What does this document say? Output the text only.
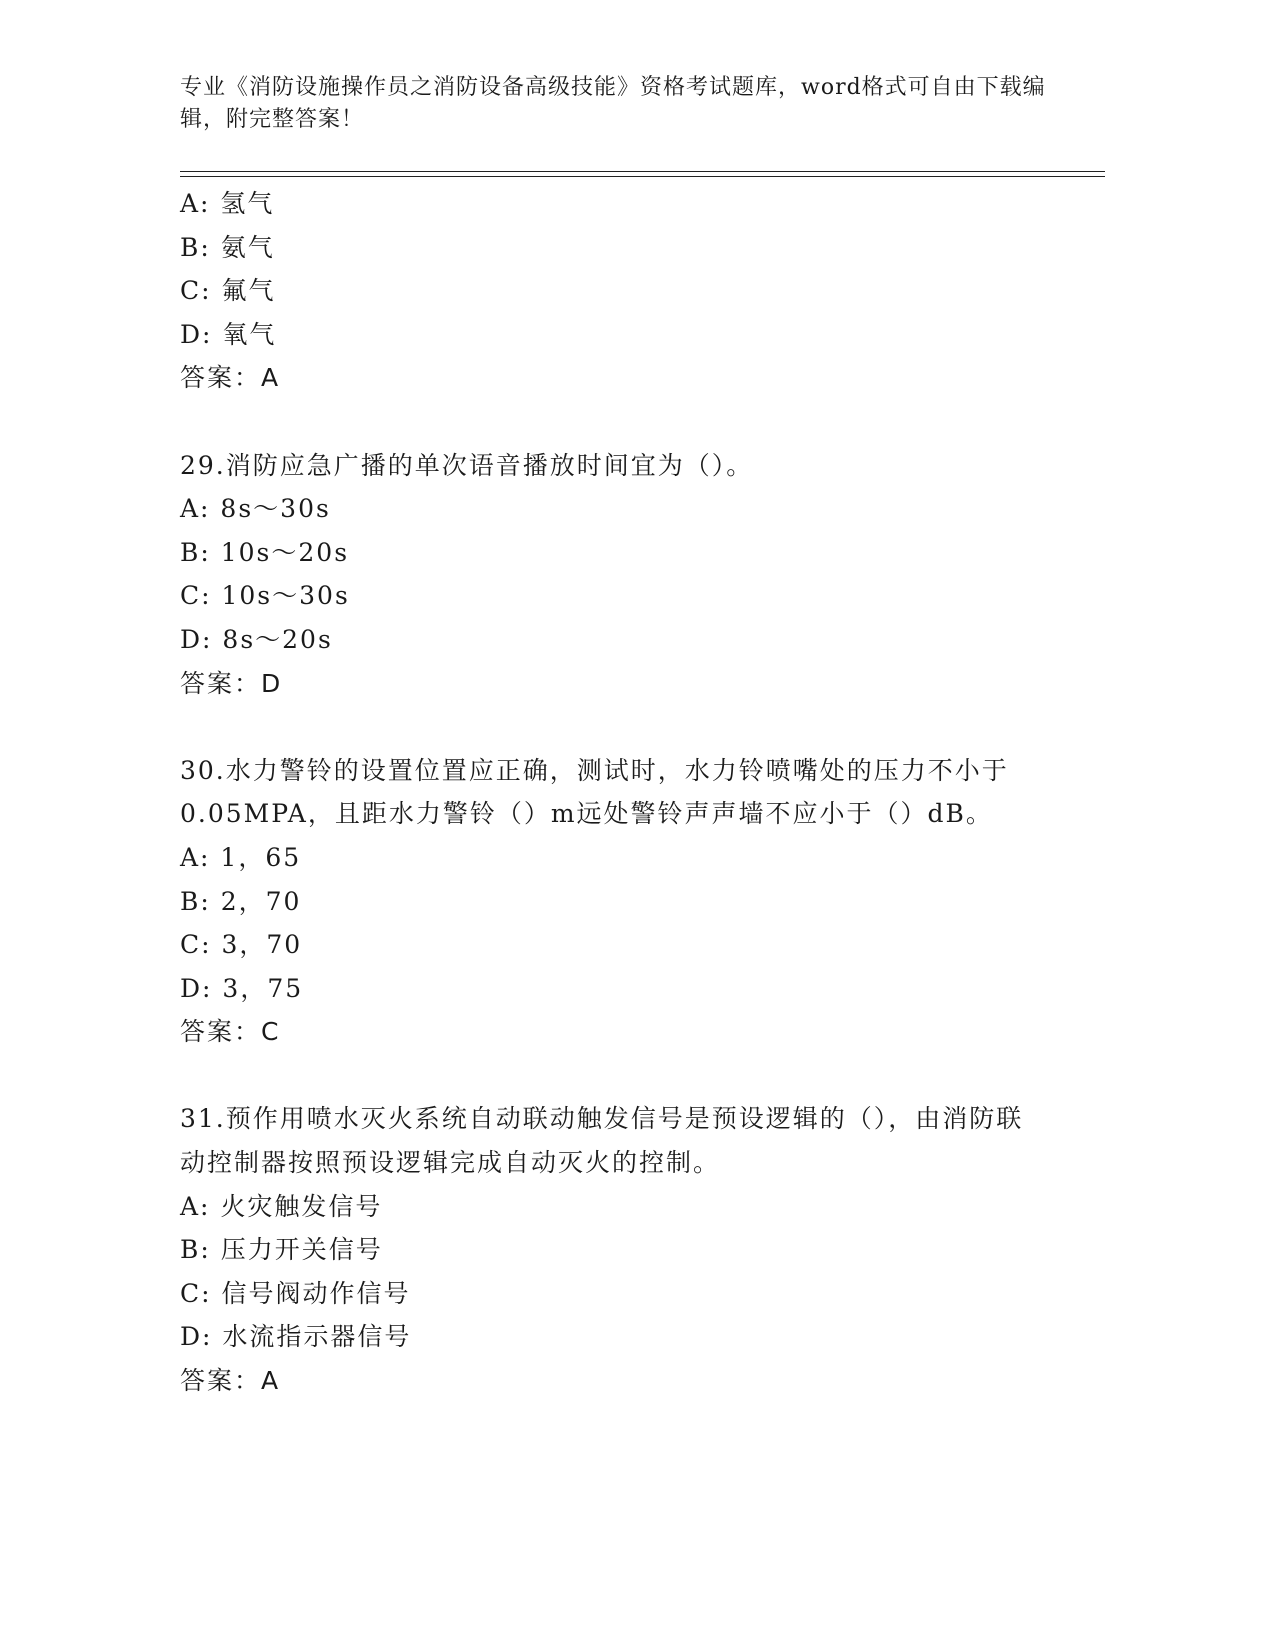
专业《消防设施操作员之消防设备高级技能》资格考试题库，word格式可自由下载编辑，附完整答案！
A: 氢气
B: 氨气
C: 氟气
D: 氧气
答案：A
29.消防应急广播的单次语音播放时间宜为（）。
A: 8s～30s
B: 10s～20s
C: 10s～30s
D: 8s～20s
答案：D
30.水力警铃的设置位置应正确，测试时，水力铃喷嘴处的压力不小于0.05MPA，且距水力警铃（）m远处警铃声声墙不应小于（）dB。
A: 1，65
B: 2，70
C: 3，70
D: 3，75
答案：C
31.预作用喷水灭火系统自动联动触发信号是预设逻辑的（），由消防联动控制器按照预设逻辑完成自动灭火的控制。
A: 火灾触发信号
B: 压力开关信号
C: 信号阀动作信号
D: 水流指示器信号
答案：A
